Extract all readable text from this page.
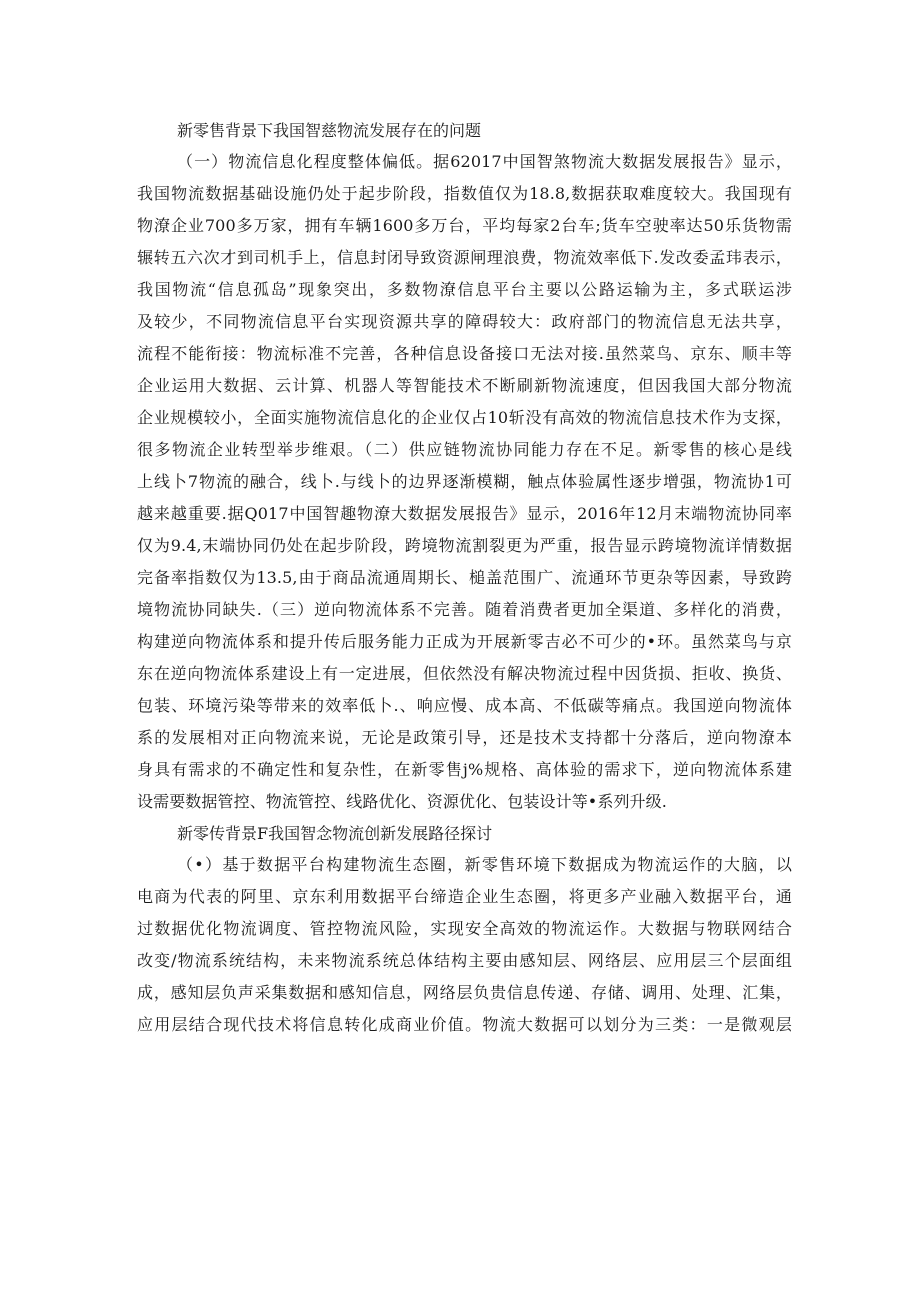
新零售背景下我国智慈物流发展存在的问题

（一）物流信息化程度整体偏低。据62017中国智煞物流大数据发展报告》显示，

我国物流数据基础设施仍处于起步阶段，指数值仅为18.8,数据获取难度较大。我国现有

物潦企业700多万家，拥有车辆1600多万台，平均每家2台车;货车空驶率达50乐货物需

辗转五六次才到司机手上，信息封闭导致资源闸理浪费，物流效率低下.发改委孟玮表示，

我国物流“信息孤岛”现象突出，多数物潦信息平台主要以公路运输为主，多式联运涉

及较少，不同物流信息平台实现资源共享的障碍较大：政府部门的物流信息无法共享，

流程不能衔接：物流标准不完善，各种信息设备接口无法对接.虽然菜鸟、京东、顺丰等

企业运用大数据、云计算、机器人等智能技术不断刷新物流速度，但因我国大部分物流

企业规模较小，全面实施物流信息化的企业仅占10斩没有高效的物流信息技术作为支探，

很多物流企业转型举步维艰。（二）供应链物流协同能力存在不足。新零售的核心是线

上线卜7物流的融合，线卜.与线卜的边界逐渐模糊，触点体验属性逐步增强，物流协1可

越来越重要.据Q017中国智趣物潦大数据发展报告》显示，2016年12月末端物流协同率

仅为9.4,末端协同仍处在起步阶段，跨境物流割裂更为严重，报告显示跨境物流详情数据

完备率指数仅为13.5,由于商品流通周期长、槌盖范围广、流通环节更杂等因素，导致跨

境物流协同缺失.（三）逆向物流体系不完善。随着消费者更加全渠道、多样化的消费，

构建逆向物流体系和提升传后服务能力正成为开展新零吉必不可少的•环。虽然菜鸟与京

东在逆向物流体系建设上有一定进展，但依然没有解决物流过程中因货损、拒收、换货、

包装、环境污染等带来的效率低卜.、响应慢、成本高、不低碳等痛点。我国逆向物流体

系的发展相对正向物流来说，无论是政策引导，还是技术支持都十分落后，逆向物潦本

身具有需求的不确定性和复杂性，在新零售j%规格、高体验的需求下，逆向物流体系建

设需要数据管控、物流管控、线路优化、资源优化、包装设计等•系列升级.

新零传背景F我国智念物流创新发展路径探讨

（•）基于数据平台构建物流生态圈，新零售环境下数据成为物流运作的大脑，以

电商为代表的阿里、京东利用数据平台缔造企业生态圈，将更多产业融入数据平台，通

过数据优化物流调度、管控物流风险，实现安全高效的物流运作。大数据与物联网结合

改变/物流系统结构，未来物流系统总体结构主要由感知层、网络层、应用层三个层面组

成，感知层负声采集数据和感知信息，网络层负贵信息传递、存储、调用、处理、汇集，

应用层结合现代技术将信息转化成商业价值。物流大数据可以划分为三类：一是微观层
